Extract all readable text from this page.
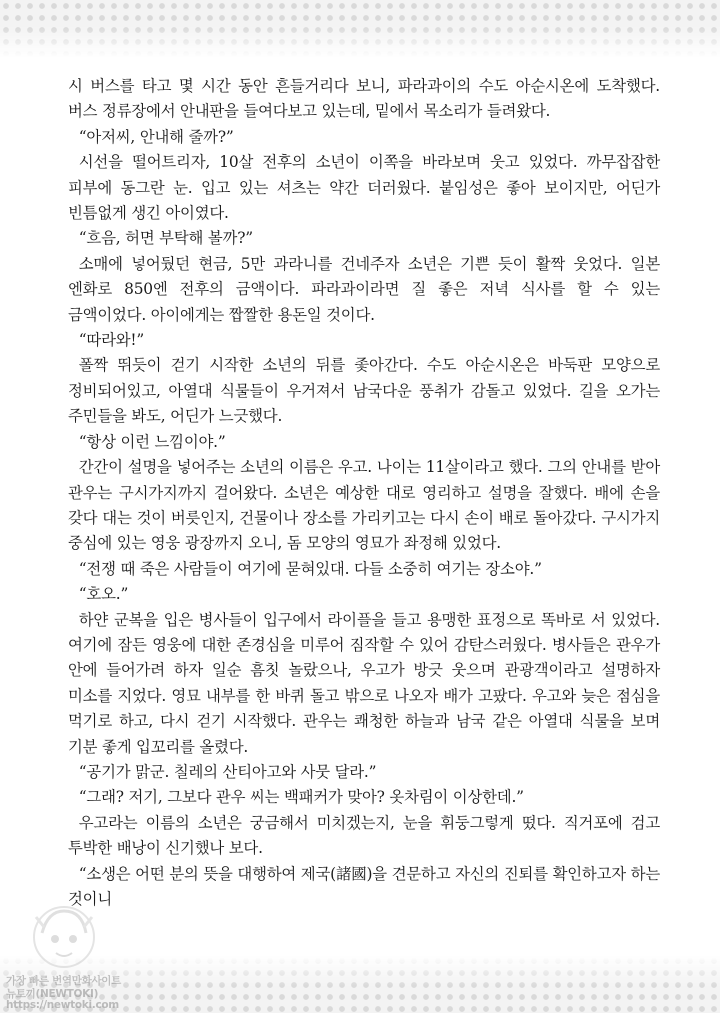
시 버스를 타고 몇 시간 동안 흔들거리다 보니, 파라과이의 수도 아순시온에 도착했다. 버스 정류장에서 안내판을 들여다보고 있는데, 밑에서 목소리가 들려왔다.

“아저씨, 안내해 줄까?”

시선을 떨어트리자, 10살 전후의 소년이 이쪽을 바라보며 웃고 있었다. 까무잡잡한 피부에 동그란 눈. 입고 있는 셔츠는 약간 더러웠다. 붙임성은 좋아 보이지만, 어딘가 빈틈없게 생긴 아이였다.

“흐음, 허면 부탁해 볼까?”

소매에 넣어뒀던 현금, 5만 과라니를 건네주자 소년은 기쁜 듯이 활짝 웃었다. 일본 엔화로 850엔 전후의 금액이다. 파라과이라면 질 좋은 저녁 식사를 할 수 있는 금액이었다. 아이에게는 짭짤한 용돈일 것이다.

“따라와!”

폴짝 뛰듯이 걷기 시작한 소년의 뒤를 좇아간다. 수도 아순시온은 바둑판 모양으로 정비되어있고, 아열대 식물들이 우거져서 남국다운 풍취가 감돌고 있었다. 길을 오가는 주민들을 봐도, 어딘가 느긋했다.

“항상 이런 느낌이야.”

간간이 설명을 넣어주는 소년의 이름은 우고. 나이는 11살이라고 했다. 그의 안내를 받아 관우는 구시가지까지 걸어왔다. 소년은 예상한 대로 영리하고 설명을 잘했다. 배에 손을 갖다 대는 것이 버릇인지, 건물이나 장소를 가리키고는 다시 손이 배로 돌아갔다. 구시가지 중심에 있는 영웅 광장까지 오니, 돔 모양의 영묘가 좌정해 있었다.

“전쟁 때 죽은 사람들이 여기에 묻혀있대. 다들 소중히 여기는 장소야.”

“호오.”

하얀 군복을 입은 병사들이 입구에서 라이플을 들고 용맹한 표정으로 똑바로 서 있었다. 여기에 잠든 영웅에 대한 존경심을 미루어 짐작할 수 있어 감탄스러웠다. 병사들은 관우가 안에 들어가려 하자 일순 흠칫 놀랐으나, 우고가 방긋 웃으며 관광객이라고 설명하자 미소를 지었다. 영묘 내부를 한 바퀴 돌고 밖으로 나오자 배가 고팠다. 우고와 늦은 점심을 먹기로 하고, 다시 걷기 시작했다. 관우는 쾌청한 하늘과 남국 같은 아열대 식물을 보며 기분 좋게 입꼬리를 올렸다.

“공기가 맑군. 칠레의 산티아고와 사뭇 달라.”

“그래? 저기, 그보다 관우 씨는 백패커가 맞아? 옷차림이 이상한데.”

우고라는 이름의 소년은 궁금해서 미치겠는지, 눈을 휘둥그렇게 떴다. 직거포에 검고 투박한 배낭이 신기했나 보다.

“소생은 어떤 분의 뜻을 대행하여 제국(諸國)을 견문하고 자신의 진퇴를 확인하고자 하는 것이니

가장 빠른 번역만화사이트
뉴토끼(NEWTOKI)
https://newtoki.com
